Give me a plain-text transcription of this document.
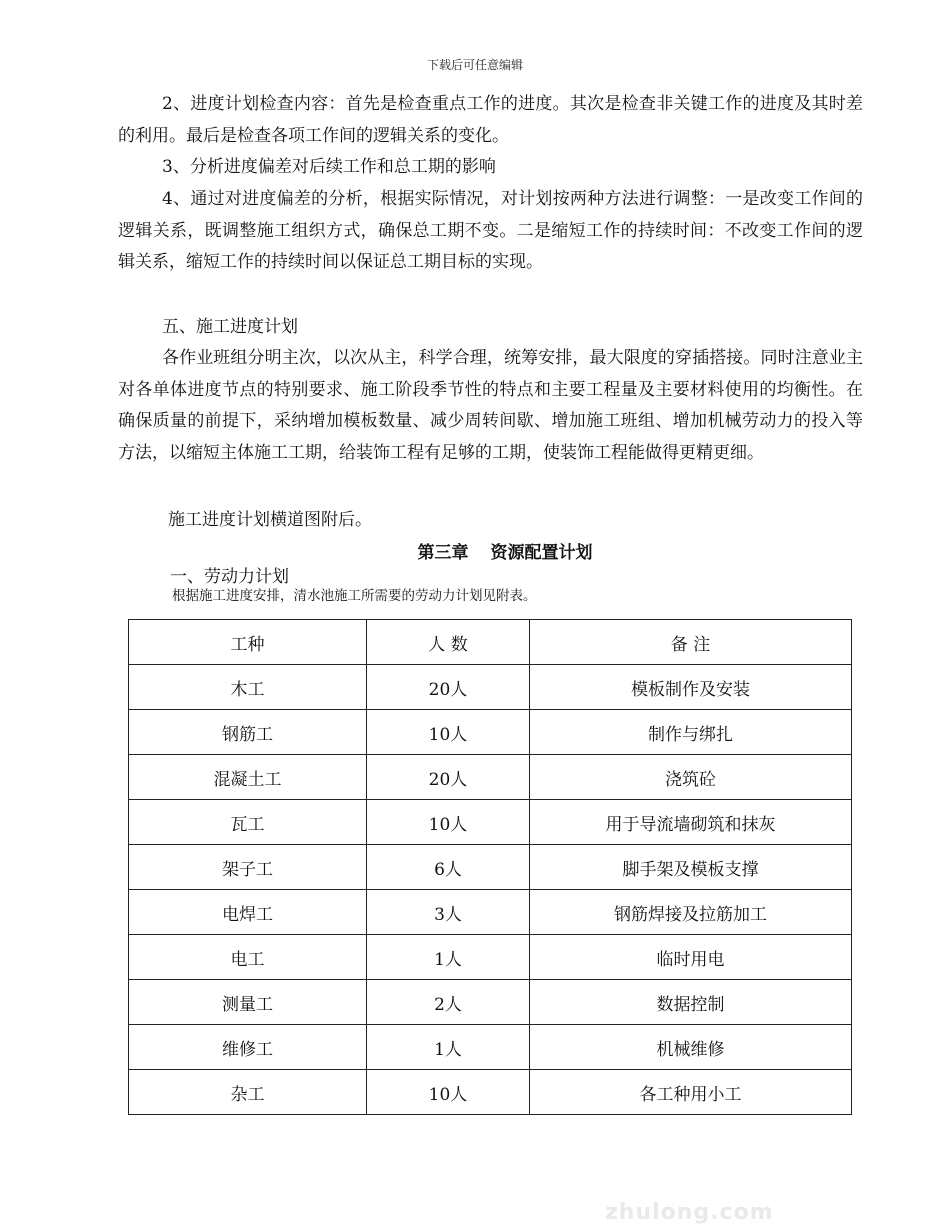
下载后可任意编辑

2、进度计划检查内容：首先是检查重点工作的进度。其次是检查非关键工作的进度及其时差的利用。最后是检查各项工作间的逻辑关系的变化。

3、分析进度偏差对后续工作和总工期的影响

4、通过对进度偏差的分析，根据实际情况，对计划按两种方法进行调整：一是改变工作间的逻辑关系，既调整施工组织方式，确保总工期不变。二是缩短工作的持续时间：不改变工作间的逻辑关系，缩短工作的持续时间以保证总工期目标的实现。

五、施工进度计划

各作业班组分明主次，以次从主，科学合理，统筹安排，最大限度的穿插搭接。同时注意业主对各单体进度节点的特别要求、施工阶段季节性的特点和主要工程量及主要材料使用的均衡性。在确保质量的前提下，采纳增加模板数量、减少周转间歇、增加施工班组、增加机械劳动力的投入等方法，以缩短主体施工工期，给装饰工程有足够的工期，使装饰工程能做得更精更细。

施工进度计划横道图附后。

第三章 资源配置计划
一、劳动力计划
根据施工进度安排，清水池施工所需要的劳动力计划见附表。
工种	人 数	备 注
木工	20人	模板制作及安装
钢筋工	10人	制作与绑扎
混凝土工	20人	浇筑砼
瓦工	10人	用于导流墙砌筑和抹灰
架子工	6人	脚手架及模板支撑
电焊工	3人	钢筋焊接及拉筋加工
电工	1人	临时用电
测量工	2人	数据控制
维修工	1人	机械维修
杂工	10人	各工种用小工
zhulong.com
